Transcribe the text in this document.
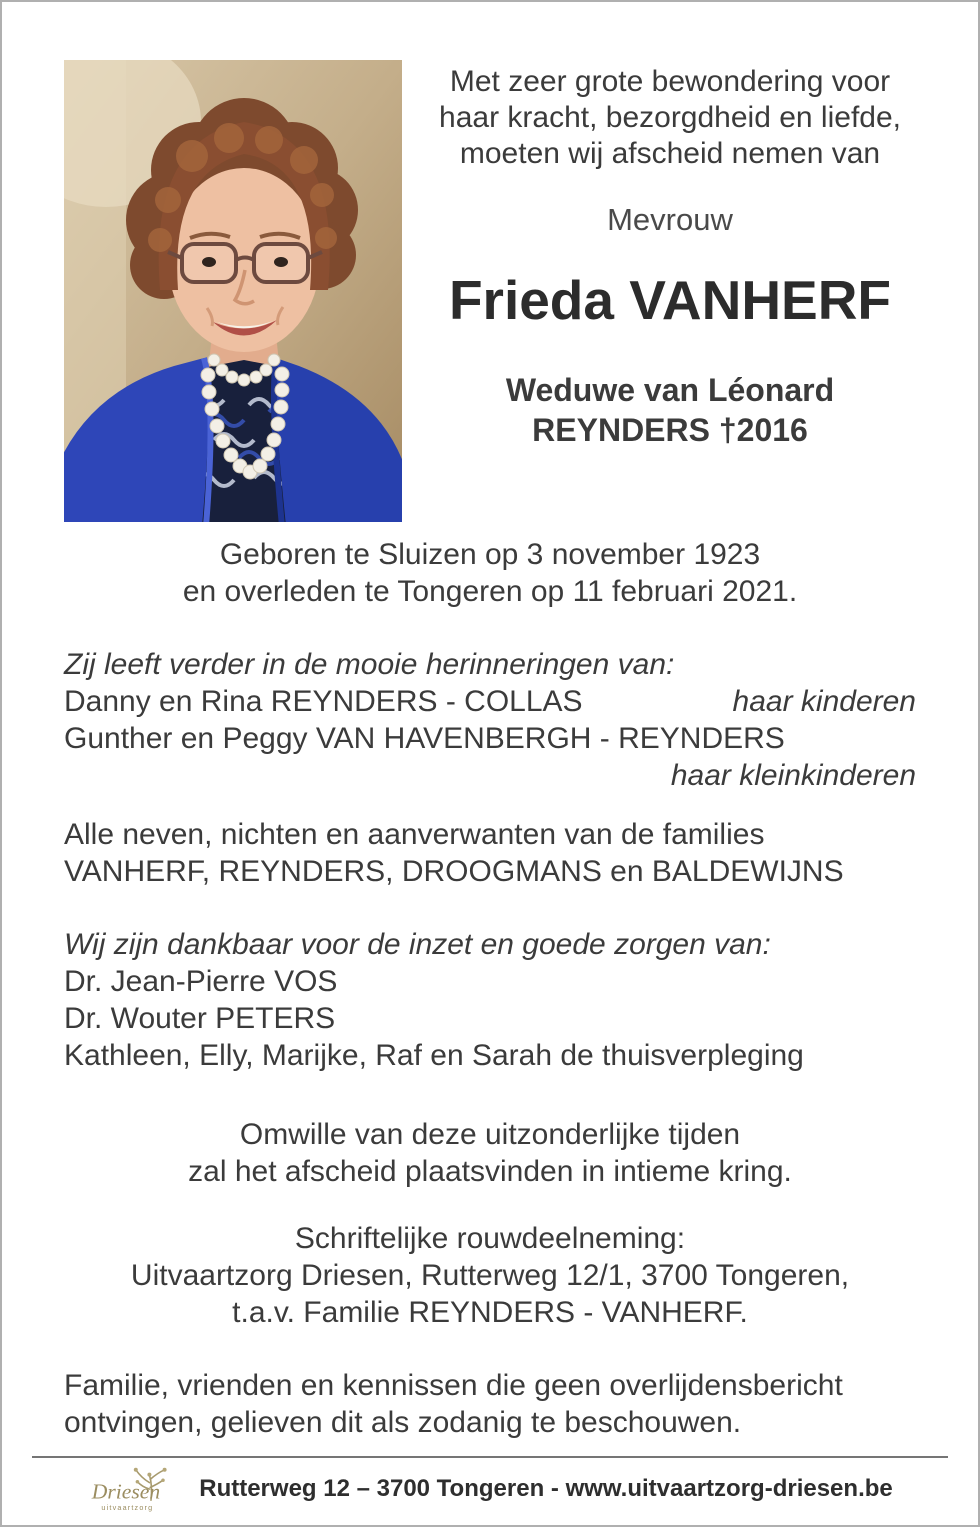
Met zeer grote bewondering voor
haar kracht, bezorgdheid en liefde,
moeten wij afscheid nemen van
Mevrouw
Frieda VANHERF
Weduwe van Léonard
REYNDERS †2016
Geboren te Sluizen op 3 november 1923
en overleden te Tongeren op 11 februari 2021.
Zij leeft verder in de mooie herinneringen van:
Danny en Rina REYNDERS - COLLAS	haar kinderen
Gunther en Peggy VAN HAVENBERGH - REYNDERS
haar kleinkinderen
Alle neven, nichten en aanverwanten van de families
VANHERF, REYNDERS, DROOGMANS en BALDEWIJNS
Wij zijn dankbaar voor de inzet en goede zorgen van:
Dr. Jean-Pierre VOS
Dr. Wouter PETERS
Kathleen, Elly, Marijke, Raf en Sarah de thuisverpleging
Omwille van deze uitzonderlijke tijden
zal het afscheid plaatsvinden in intieme kring.
Schriftelijke rouwdeelneming:
Uitvaartzorg Driesen, Rutterweg 12/1, 3700 Tongeren,
t.a.v. Familie REYNDERS - VANHERF.
Familie, vrienden en kennissen die geen overlijdensbericht
ontvingen, gelieven dit als zodanig te beschouwen.
Driesen
uitvaartzorg
Rutterweg 12 – 3700 Tongeren - www.uitvaartzorg-driesen.be
